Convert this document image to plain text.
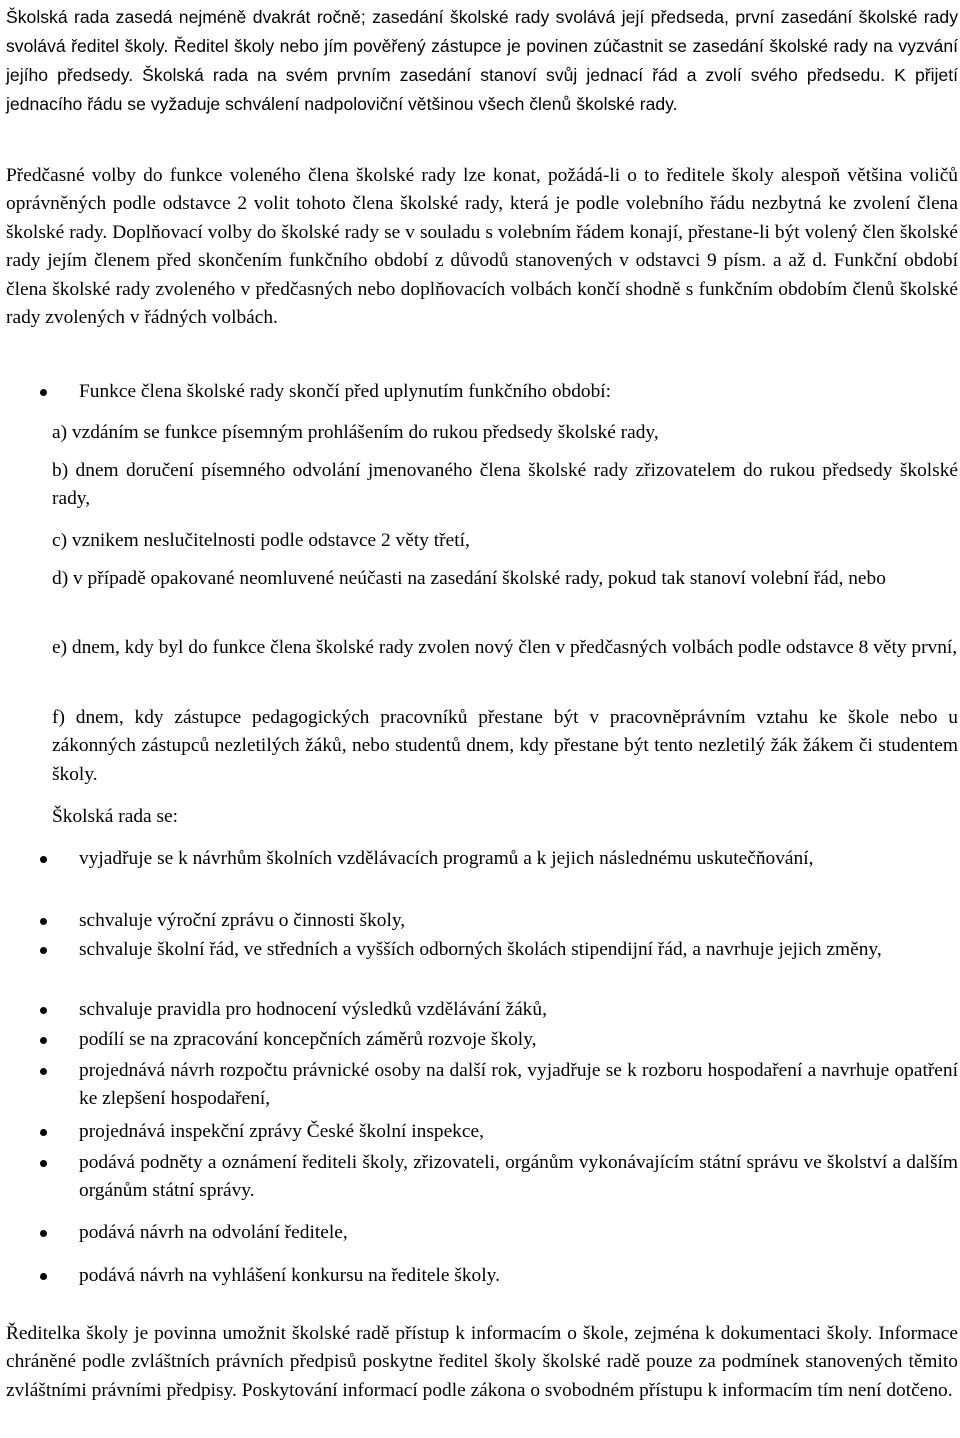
Školská rada zasedá nejméně dvakrát ročně; zasedání školské rady svolává její předseda, první zasedání školské rady svolává ředitel školy. Ředitel školy nebo jím pověřený zástupce je povinen zúčastnit se zasedání školské rady na vyzvání jejího předsedy. Školská rada na svém prvním zasedání stanoví svůj jednací řád a zvolí svého předsedu. K přijetí jednacího řádu se vyžaduje schválení nadpoloviční většinou všech členů školské rady.

Předčasné volby do funkce voleného člena školské rady lze konat, požádá-li o to ředitele školy alespoň většina voličů oprávněných podle odstavce 2 volit tohoto člena školské rady, která je podle volebního řádu nezbytná ke zvolení člena školské rady. Doplňovací volby do školské rady se v souladu s volebním řádem konají, přestane-li být volený člen školské rady jejím členem před skončením funkčního období z důvodů stanovených v odstavci 9 písm. a až d. Funkční období člena školské rady zvoleného v předčasných nebo doplňovacích volbách končí shodně s funkčním obdobím členů školské rady zvolených v řádných volbách.

Funkce člena školské rady skončí před uplynutím funkčního období:

a) vzdáním se funkce písemným prohlášením do rukou předsedy školské rady,

b) dnem doručení písemného odvolání jmenovaného člena školské rady zřizovatelem do rukou předsedy školské rady,

c) vznikem neslučitelnosti podle odstavce 2 věty třetí,

d) v případě opakované neomluvené neúčasti na zasedání školské rady, pokud tak stanoví volební řád, nebo

e) dnem, kdy byl do funkce člena školské rady zvolen nový člen v předčasných volbách podle odstavce 8 věty první,

f) dnem, kdy zástupce pedagogických pracovníků přestane být v pracovněprávním vztahu ke škole nebo u zákonných zástupců nezletilých žáků, nebo studentů dnem, kdy přestane být tento nezletilý žák žákem či studentem školy.

Školská rada se:

vyjadřuje se k návrhům školních vzdělávacích programů a k jejich následnému uskutečňování,

schvaluje výroční zprávu o činnosti školy,

schvaluje školní řád, ve středních a vyšších odborných školách stipendijní řád, a navrhuje jejich změny,

schvaluje pravidla pro hodnocení výsledků vzdělávání žáků,

podílí se na zpracování koncepčních záměrů rozvoje školy,

projednává návrh rozpočtu právnické osoby na další rok, vyjadřuje se k rozboru hospodaření a navrhuje opatření ke zlepšení hospodaření,

projednává inspekční zprávy České školní inspekce,

podává podněty a oznámení řediteli školy, zřizovateli, orgánům vykonávajícím státní správu ve školství a dalším orgánům státní správy.

podává návrh na odvolání ředitele,

podává návrh na vyhlášení konkursu na ředitele školy.

Ředitelka školy je povinna umožnit školské radě přístup k informacím o škole, zejména k dokumentaci školy. Informace chráněné podle zvláštních právních předpisů poskytne ředitel školy školské radě pouze za podmínek stanovených těmito zvláštními právními předpisy. Poskytování informací podle zákona o svobodném přístupu k informacím tím není dotčeno.
